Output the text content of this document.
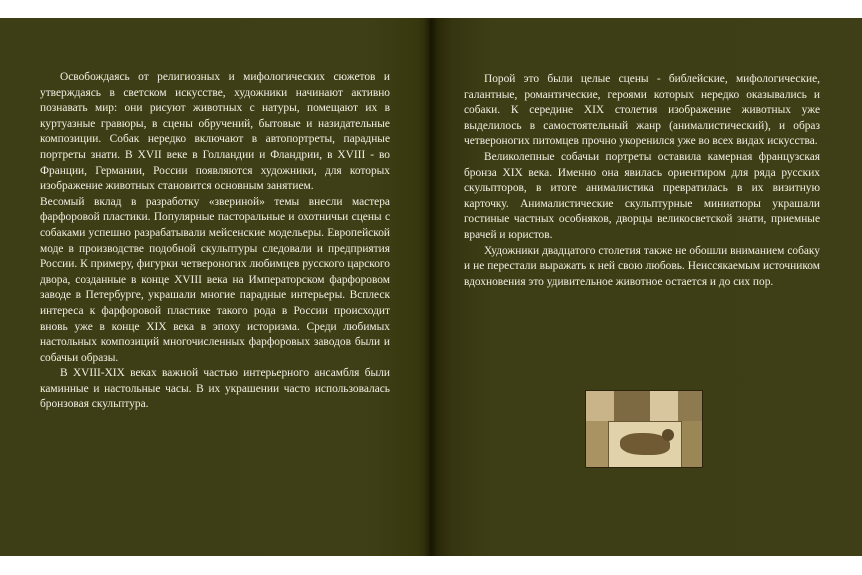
Освобождаясь от религиозных и мифологических сюжетов и утверждаясь в светском искусстве, художники начинают активно познавать мир: они рисуют животных с натуры, помещают их в куртуазные гравюры, в сцены обручений, бытовые и назидательные композиции. Собак нередко включают в автопортреты, парадные портреты знати. В XVII веке в Голландии и Фландрии, в XVIII - во Франции, Германии, России появляются художники, для которых изображение животных становится основным занятием.

Весомый вклад в разработку «звериной» темы внесли мастера фарфоровой пластики. Популярные пасторальные и охотничьи сцены с собаками успешно разрабатывали мейсенские модельеры. Европейской моде в производстве подобной скульптуры следовали и предприятия России. К примеру, фигурки четвероногих любимцев русского царского двора, созданные в конце XVIII века на Императорском фарфоровом заводе в Петербурге, украшали многие парадные интерьеры. Всплеск интереса к фарфоровой пластике такого рода в России происходит вновь уже в конце XIX века в эпоху историзма. Среди любимых настольных композиций многочисленных фарфоровых заводов были и собачьи образы.

В XVIII-XIX веках важной частью интерьерного ансамбля были каминные и настольные часы. В их украшении часто использовалась бронзовая скульптура.

Порой это были целые сцены - библейские, мифологические, галантные, романтические, героями которых нередко оказывались и собаки. К середине XIX столетия изображение животных уже выделилось в самостоятельный жанр (анималистический), и образ четвероногих питомцев прочно укоренился уже во всех видах искусства.

Великолепные собачьи портреты оставила камерная французская бронза XIX века. Именно она явилась ориентиром для ряда русских скульпторов, в итоге анималистика превратилась в их визитную карточку. Анималистические скульптурные миниатюры украшали гостиные частных особняков, дворцы великосветской знати, приемные врачей и юристов.

Художники двадцатого столетия также не обошли вниманием собаку и не перестали выражать к ней свою любовь. Неиссякаемым источником вдохновения это удивительное животное остается и до сих пор.
